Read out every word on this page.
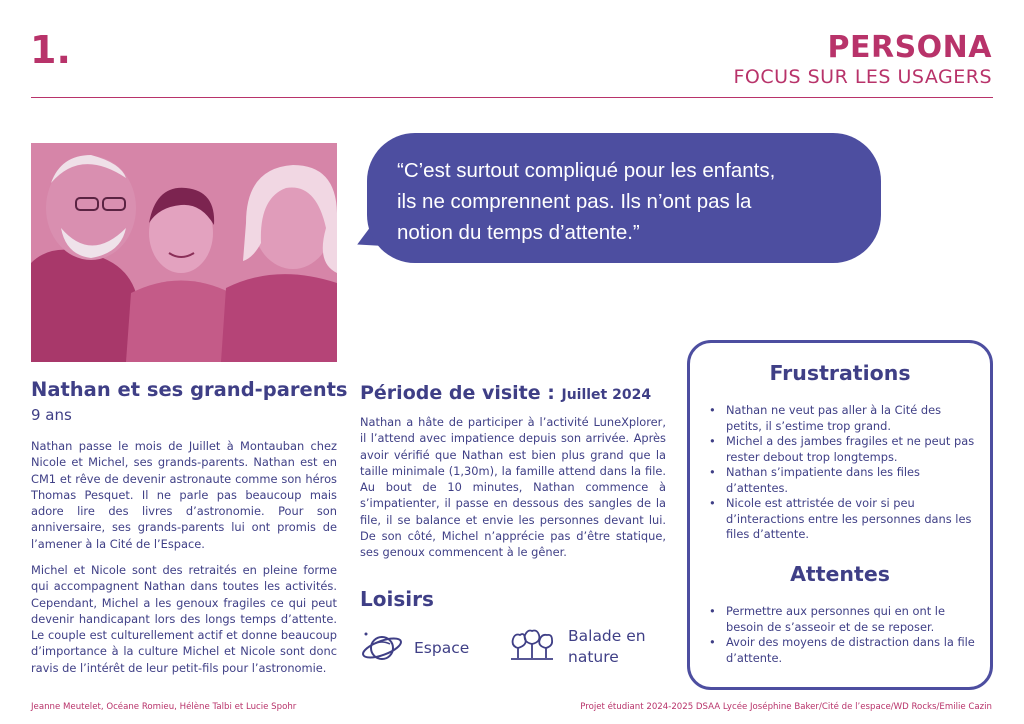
1.	PERSONA
FOCUS SUR LES USAGERS
“C’est surtout compliqué pour les enfants,
ils ne comprennent pas. Ils n’ont pas la
notion du temps d’attente.”
Nathan et ses grand-parents
9 ans
Nathan passe le mois de Juillet à Montauban chez Nicole et Michel, ses grands-parents. Nathan est en CM1 et rêve de devenir astronaute comme son héros Thomas Pesquet. Il ne parle pas beaucoup mais adore lire des livres d’astronomie. Pour son anniversaire, ses grands-parents lui ont promis de l’amener à la Cité de l’Espace.
Michel et Nicole sont des retraités en pleine forme qui accompagnent Nathan dans toutes les activités. Cependant, Michel a les genoux fragiles ce qui peut devenir handicapant lors des longs temps d’attente. Le couple est culturellement actif et donne beaucoup d’importance à la culture Michel et Nicole sont donc ravis de l’intérêt de leur petit-fils pour l’astronomie.
Période de visite : Juillet 2024
Nathan a hâte de participer à l’activité LuneXplorer, il l’attend avec impatience depuis son arrivée. Après avoir vérifié que Nathan est bien plus grand que la taille minimale (1,30m), la famille attend dans la file. Au bout de 10 minutes, Nathan commence à s’impatienter, il passe en dessous des sangles de la file, il se balance et envie les personnes devant lui. De son côté, Michel n’apprécie pas d’être statique, ses genoux commencent à le gêner.
Loisirs
Espace
Balade en
nature
Frustrations
• Nathan ne veut pas aller à la Cité des petits, il s’estime trop grand.
• Michel a des jambes fragiles et ne peut pas rester debout trop longtemps.
• Nathan s’impatiente dans les files d’attentes.
• Nicole est attristée de voir si peu d’interactions entre les personnes dans les files d’attente.
Attentes
• Permettre aux personnes qui en ont le besoin de s’asseoir et de se reposer.
• Avoir des moyens de distraction dans la file d’attente.
Jeanne Meutelet, Océane Romieu, Hélène Talbi et Lucie Spohr	Projet étudiant 2024-2025 DSAA Lycée Joséphine Baker/Cité de l’espace/WD Rocks/Emilie Cazin
